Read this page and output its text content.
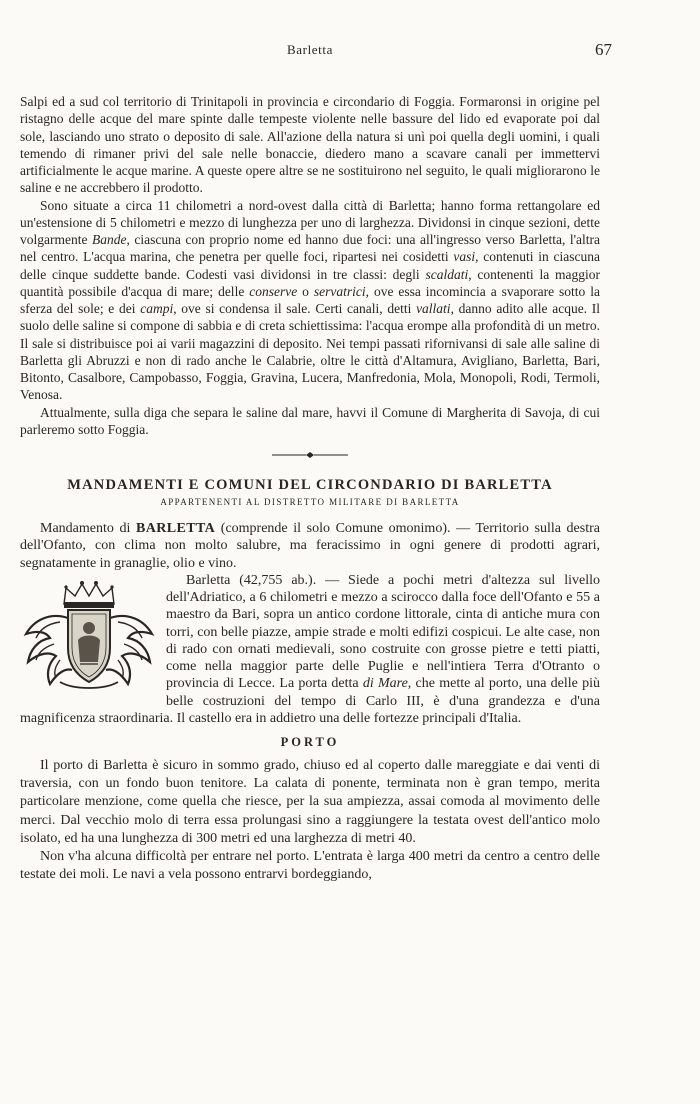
Barletta	67

Salpi ed a sud col territorio di Trinitapoli in provincia e circondario di Foggia. Formaronsi in origine pel ristagno delle acque del mare spinte dalle tempeste violente nelle bassure del lido ed evaporate poi dal sole, lasciando uno strato o deposito di sale. All'azione della natura si unì poi quella degli uomini, i quali temendo di rimaner privi del sale nelle bonaccie, diedero mano a scavare canali per immettervi artificialmente le acque marine. A queste opere altre se ne sostituirono nel seguito, le quali migliorarono le saline e ne accrebbero il prodotto.

Sono situate a circa 11 chilometri a nord-ovest dalla città di Barletta; hanno forma rettangolare ed un'estensione di 5 chilometri e mezzo di lunghezza per uno di larghezza. Dividonsi in cinque sezioni, dette volgarmente Bande, ciascuna con proprio nome ed hanno due foci: una all'ingresso verso Barletta, l'altra nel centro. L'acqua marina, che penetra per quelle foci, ripartesi nei cosidetti vasi, contenuti in ciascuna delle cinque suddette bande. Codesti vasi dividonsi in tre classi: degli scaldati, contenenti la maggior quantità possibile d'acqua di mare; delle conserve o servatrici, ove essa incomincia a svaporare sotto la sferza del sole; e dei campi, ove si condensa il sale. Certi canali, detti vallati, danno adito alle acque. Il suolo delle saline si compone di sabbia e di creta schiettissima: l'acqua erompe alla profondità di un metro. Il sale si distribuisce poi ai varii magazzini di deposito. Nei tempi passati rifornivansi di sale alle saline di Barletta gli Abruzzi e non di rado anche le Calabrie, oltre le città d'Altamura, Avigliano, Barletta, Bari, Bitonto, Casalbore, Campobasso, Foggia, Gravina, Lucera, Manfredonia, Mola, Monopoli, Rodi, Termoli, Venosa.

Attualmente, sulla diga che separa le saline dal mare, havvi il Comune di Margherita di Savoja, di cui parleremo sotto Foggia.

MANDAMENTI E COMUNI DEL CIRCONDARIO DI BARLETTA
APPARTENENTI AL DISTRETTO MILITARE DI BARLETTA

Mandamento di BARLETTA (comprende il solo Comune omonimo). — Territorio sulla destra dell'Ofanto, con clima non molto salubre, ma feracissimo in ogni genere di prodotti agrari, segnatamente in granaglie, olio e vino.

Barletta (42,755 ab.). — Siede a pochi metri d'altezza sul livello dell'Adriatico, a 6 chilometri e mezzo a scirocco dalla foce dell'Ofanto e 55 a maestro da Bari, sopra un antico cordone littorale, cinta di antiche mura con torri, con belle piazze, ampie strade e molti edifizi cospicui. Le alte case, non di rado con ornati medievali, sono costruite con grosse pietre e tetti piatti, come nella maggior parte delle Puglie e nell'intiera Terra d'Otranto o provincia di Lecce. La porta detta di Mare, che mette al porto, una delle più belle costruzioni del tempo di Carlo III, è d'una grandezza e d'una magnificenza straordinaria. Il castello era in addietro una delle fortezze principali d'Italia.

PORTO

Il porto di Barletta è sicuro in sommo grado, chiuso ed al coperto dalle mareggiate e dai venti di traversia, con un fondo buon tenitore. La calata di ponente, terminata non è gran tempo, merita particolare menzione, come quella che riesce, per la sua ampiezza, assai comoda al movimento delle merci. Dal vecchio molo di terra essa prolungasi sino a raggiungere la testata ovest dell'antico molo isolato, ed ha una lunghezza di 300 metri ed una larghezza di metri 40.

Non v'ha alcuna difficoltà per entrare nel porto. L'entrata è larga 400 metri da centro a centro delle testate dei moli. Le navi a vela possono entrarvi bordeggiando,
